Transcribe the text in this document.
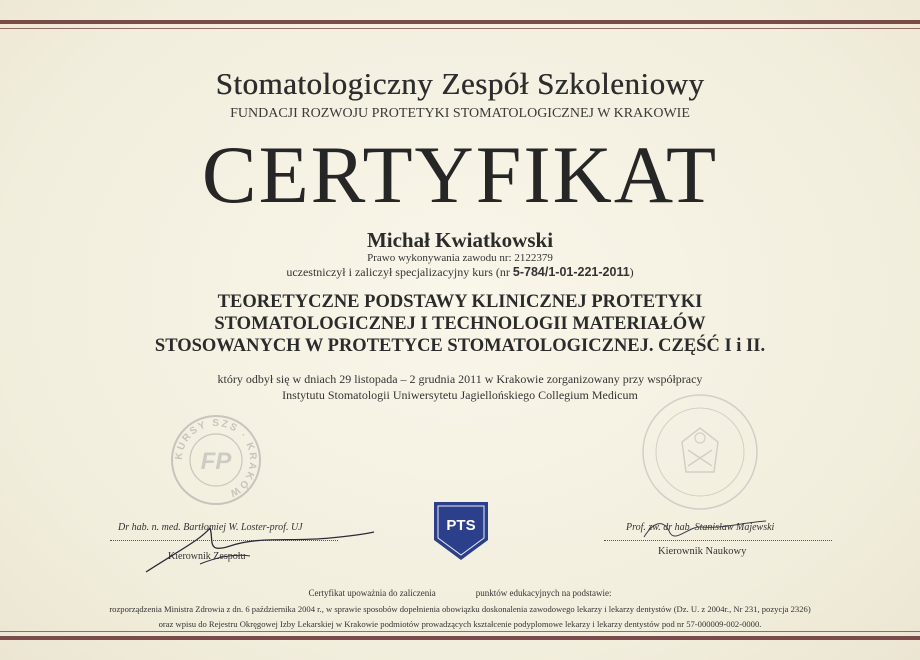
Stomatologiczny Zespół Szkoleniowy
FUNDACJI ROZWOJU PROTETYKI STOMATOLOGICZNEJ W KRAKOWIE
CERTYFIKAT
Michał Kwiatkowski
Prawo wykonywania zawodu nr: 2122379
uczestniczył i zaliczył specjalizacyjny kurs (nr 5-784/1-01-221-2011)
TEORETYCZNE PODSTAWY KLINICZNEJ PROTETYKI
STOMATOLOGICZNEJ I TECHNOLOGII MATERIAŁÓW
STOSOWANYCH W PROTETYCE STOMATOLOGICZNEJ. CZĘŚĆ I i II.
który odbył się w dniach 29 listopada – 2 grudnia 2011 w Krakowie zorganizowany przy współpracy
Instytutu Stomatologii Uniwersytetu Jagiellońskiego Collegium Medicum
KURSY SZS · KRAKÓW
FP
PTS
Dr hab. n. med. Bartłomiej W. Loster-prof. UJ
Kierownik Zespołu
Prof. zw. dr hab. Stanisław Majewski
Kierownik Naukowy
Certyfikat upoważnia do zaliczenia	punktów edukacyjnych na podstawie:
rozporządzenia Ministra Zdrowia z dn. 6 października 2004 r., w sprawie sposobów dopełnienia obowiązku doskonalenia zawodowego lekarzy i lekarzy dentystów (Dz. U. z 2004r., Nr 231, pozycja 2326)
oraz wpisu do Rejestru Okręgowej Izby Lekarskiej w Krakowie podmiotów prowadzących kształcenie podyplomowe lekarzy i lekarzy dentystów pod nr 57-000009-002-0000.
